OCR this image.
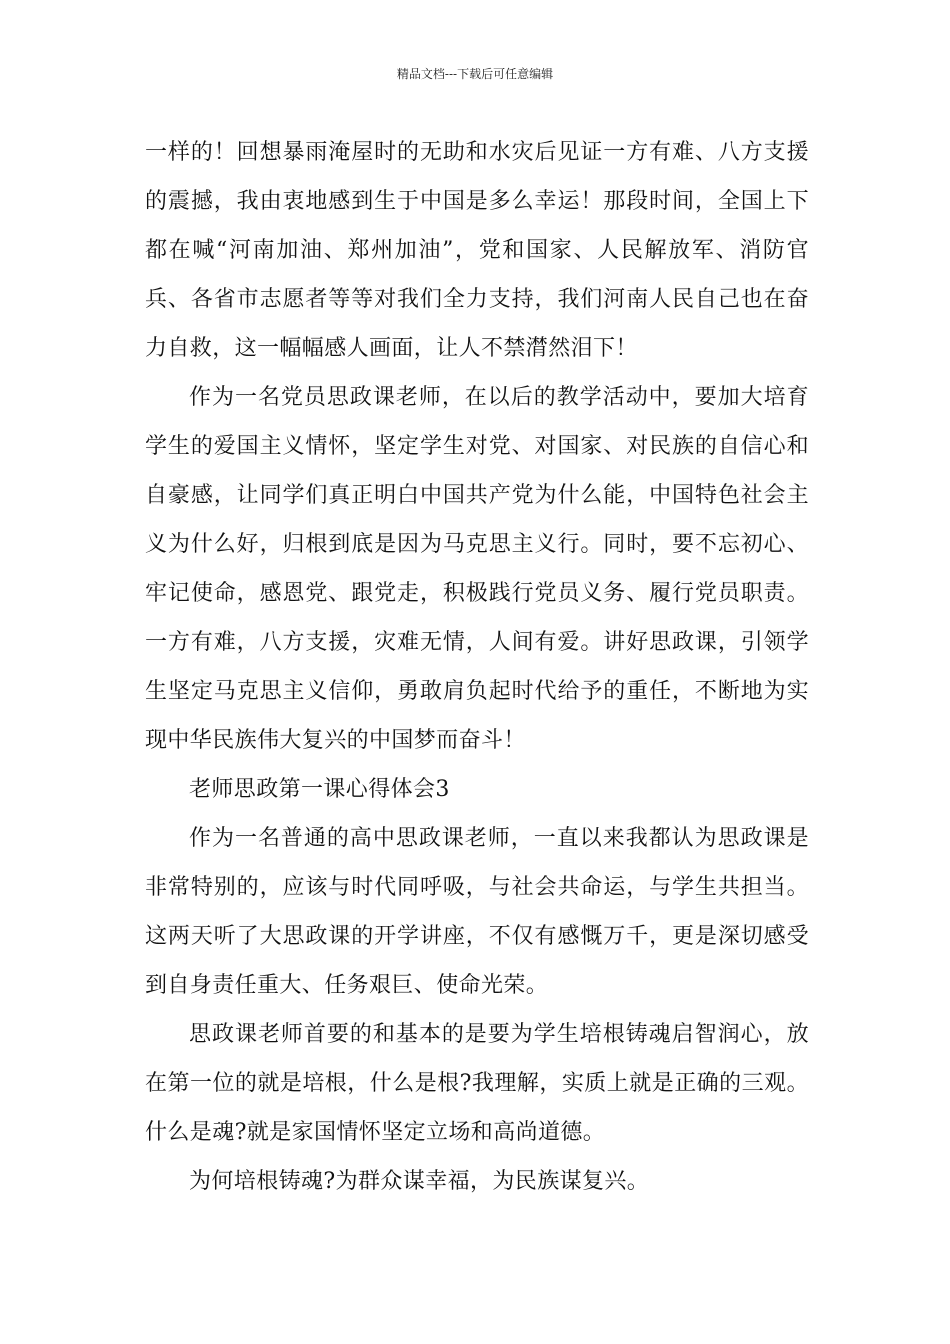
精品文档---下载后可任意编辑

一样的！回想暴雨淹屋时的无助和水灾后见证一方有难、八方支援的震撼，我由衷地感到生于中国是多么幸运！那段时间，全国上下都在喊“河南加油、郑州加油”，党和国家、人民解放军、消防官兵、各省市志愿者等等对我们全力支持，我们河南人民自己也在奋力自救，这一幅幅感人画面，让人不禁潸然泪下！

作为一名党员思政课老师，在以后的教学活动中，要加大培育学生的爱国主义情怀，坚定学生对党、对国家、对民族的自信心和自豪感，让同学们真正明白中国共产党为什么能，中国特色社会主义为什么好，归根到底是因为马克思主义行。同时，要不忘初心、牢记使命，感恩党、跟党走，积极践行党员义务、履行党员职责。一方有难，八方支援，灾难无情，人间有爱。讲好思政课，引领学生坚定马克思主义信仰，勇敢肩负起时代给予的重任，不断地为实现中华民族伟大复兴的中国梦而奋斗！

老师思政第一课心得体会3

作为一名普通的高中思政课老师，一直以来我都认为思政课是非常特别的，应该与时代同呼吸，与社会共命运，与学生共担当。这两天听了大思政课的开学讲座，不仅有感慨万千，更是深切感受到自身责任重大、任务艰巨、使命光荣。

思政课老师首要的和基本的是要为学生培根铸魂启智润心，放在第一位的就是培根，什么是根?我理解，实质上就是正确的三观。什么是魂?就是家国情怀坚定立场和高尚道德。

为何培根铸魂?为群众谋幸福，为民族谋复兴。
